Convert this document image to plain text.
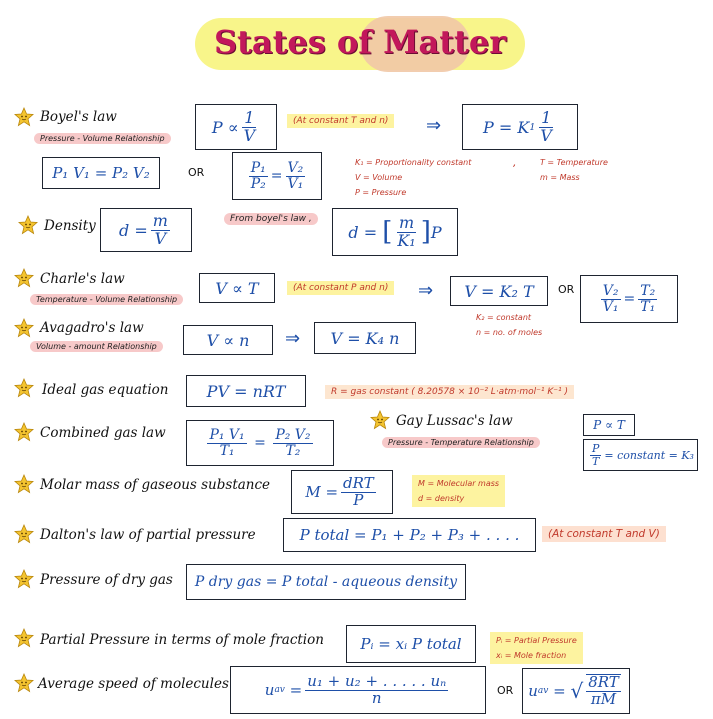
States of Matter
Boyel's law
Pressure - Volume Relationship
P
∝ $\frac{1}{V}$	(At constant T and n)	⇒	P = K $1 \frac{1}{V}$
P₁ V₁ = P₂ V₂	OR	$\frac{\text{P₁}}{\text{P₂}} = \frac{\text{V₂}}{\text{V₁}}$	K₁ = Proportionality constant
V = Volume
P = Pressure
,	T = Temperature
m = Mass
Density $d = \frac{m}{V}$	From boyel's law ,
d = [ $\frac{m}{\text{K₁}}$ ] P
Charle's law
Temperature - Volume Relationship
V ∝ T	(At constant P and n)	⇒	V = K₂ T	OR $\frac{\text{V₂}}{\text{V₁}} = \frac{\text{T₂}}{\text{T₁}}$
K₂ = constant
n = no. of moles
Avagadro's law
Volume - amount Relationship	V ∝ n	⇒	V = K₄ n
Ideal gas equation	PV = nRT	R = gas constant ( 8.20578 × 10⁻² L·atm·mol⁻¹ K⁻¹ )
Combined gas law	$\frac{\text{P₁ V₁}}{\text{T₁}} = \frac{\text{P₂ V₂}}{\text{T₂}}$
Gay Lussac's law
Pressure - Temperature Relationship
P ∝ T
$\frac{P}{T}$ = constant = K₃
Molar mass of gaseous substance $M = \frac{\text{dRT}}{P}$	M = Molecular mass
d = density
Dalton's law of partial pressure	P total = P₁ + P₂ + P₃ + . . . .	(At constant T and V)
Pressure of dry gas	P dry gas = P total - aqueous density
Partial Pressure in terms of mole fraction	Pᵢ = xᵢ P total	Pᵢ = Partial Pressure
xᵢ = Mole fraction
Average speed of molecules u av = $\frac{\text{u₁ + u₂ + . . . . . uₙ}}{n}$	OR u av = √ $\frac{8RT}{\pi M}$
